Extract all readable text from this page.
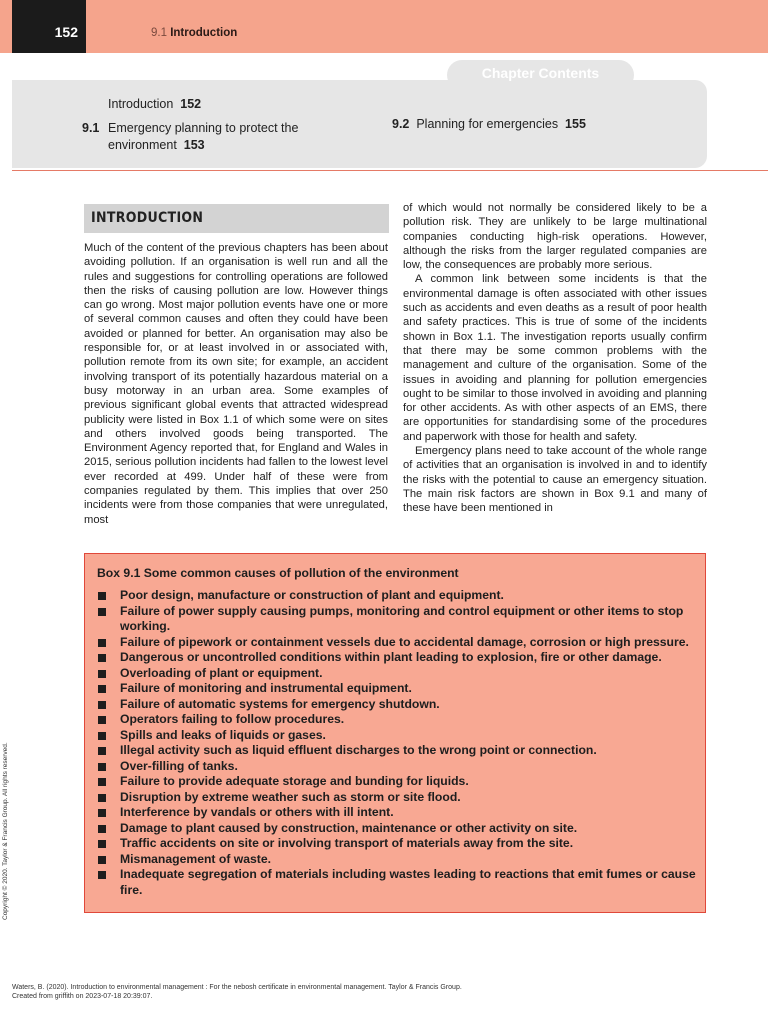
152	9.1 Introduction
Chapter Contents
Introduction 152
9.1 Emergency planning to protect the environment 153
9.2 Planning for emergencies 155
INTRODUCTION

Much of the content of the previous chapters has been about avoiding pollution. If an organisation is well run and all the rules and suggestions for controlling operations are followed then the risks of causing pollution are low. However things can go wrong. Most major pollution events have one or more of several common causes and often they could have been avoided or planned for better. An organisation may also be responsible for, or at least involved in or associated with, pollution remote from its own site; for example, an accident involving transport of its potentially hazardous material on a busy motorway in an urban area. Some examples of previous significant global events that attracted widespread publicity were listed in Box 1.1 of which some were on sites and others involved goods being transported. The Environment Agency reported that, for England and Wales in 2015, serious pollution incidents had fallen to the lowest level ever recorded at 499. Under half of these were from companies regulated by them. This implies that over 250 incidents were from those companies that were unregulated, most

of which would not normally be considered likely to be a pollution risk. They are unlikely to be large multinational companies conducting high-risk operations. However, although the risks from the larger regulated companies are low, the consequences are probably more serious.

A common link between some incidents is that the environmental damage is often associated with other issues such as accidents and even deaths as a result of poor health and safety practices. This is true of some of the incidents shown in Box 1.1. The investigation reports usually confirm that there may be some common problems with the management and culture of the organisation. Some of the issues in avoiding and planning for pollution emergencies ought to be similar to those involved in avoiding and planning for other accidents. As with other aspects of an EMS, there are opportunities for standardising some of the procedures and paperwork with those for health and safety.

Emergency plans need to take account of the whole range of activities that an organisation is involved in and to identify the risks with the potential to cause an emergency situation. The main risk factors are shown in Box 9.1 and many of these have been mentioned in

Box 9.1 Some common causes of pollution of the environment
Poor design, manufacture or construction of plant and equipment.
Failure of power supply causing pumps, monitoring and control equipment or other items to stop working.
Failure of pipework or containment vessels due to accidental damage, corrosion or high pressure.
Dangerous or uncontrolled conditions within plant leading to explosion, fire or other damage.
Overloading of plant or equipment.
Failure of monitoring and instrumental equipment.
Failure of automatic systems for emergency shutdown.
Operators failing to follow procedures.
Spills and leaks of liquids or gases.
Illegal activity such as liquid effluent discharges to the wrong point or connection.
Over-filling of tanks.
Failure to provide adequate storage and bunding for liquids.
Disruption by extreme weather such as storm or site flood.
Interference by vandals or others with ill intent.
Damage to plant caused by construction, maintenance or other activity on site.
Traffic accidents on site or involving transport of materials away from the site.
Mismanagement of waste.
Inadequate segregation of materials including wastes leading to reactions that emit fumes or cause fire.
Copyright © 2020. Taylor & Francis Group. All rights reserved.
Waters, B. (2020). Introduction to environmental management : For the nebosh certificate in environmental management. Taylor & Francis Group.
Created from griffith on 2023-07-18 20:39:07.
